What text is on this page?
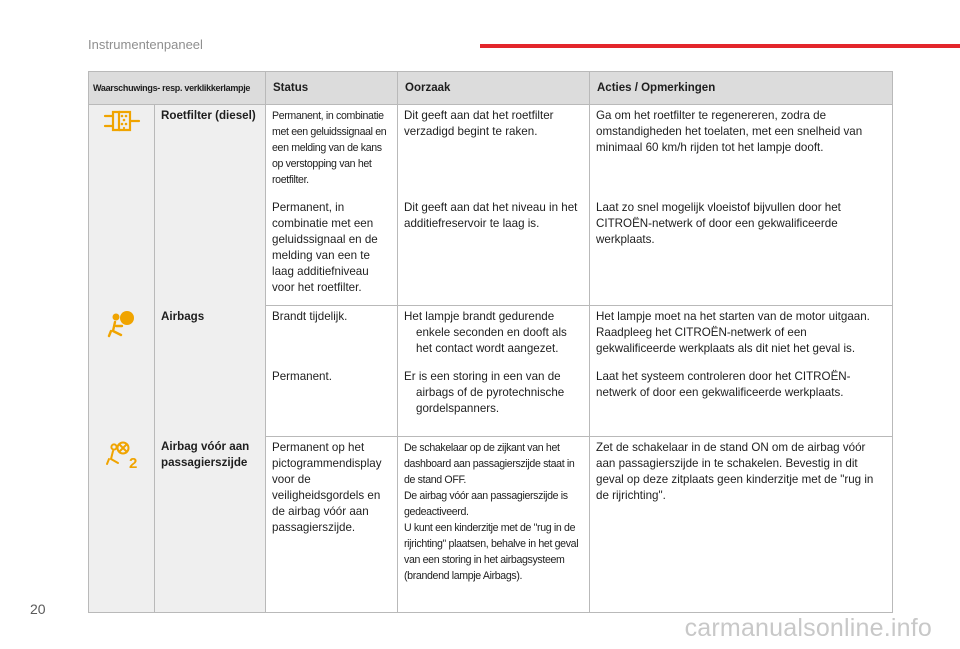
Instrumentenpaneel
Waarschuwings- resp. verklikkerlampje		Status	Oorzaak	Acties / Opmerkingen

	Roetfilter (diesel)	Permanent, in combinatie met een geluidssignaal en een melding van de kans op verstopping van het roetfilter.	Dit geeft aan dat het roetfilter verzadigd begint te raken.	Ga om het roetfilter te regenereren, zodra de omstandigheden het toelaten, met een snelheid van minimaal 60 km/h rijden tot het lampje dooft.
		Permanent, in combinatie met een geluidssignaal en de melding van een te laag additiefniveau voor het roetfilter.	Dit geeft aan dat het niveau in het additiefreservoir te laag is.	Laat zo snel mogelijk vloeistof bijvullen door het CITROËN-netwerk of door een gekwalificeerde werkplaats.

	Airbags	Brandt tijdelijk.	Het lampje brandt gedurende enkele seconden en dooft als het contact wordt aangezet.	Het lampje moet na het starten van de motor uitgaan. Raadpleeg het CITROËN-netwerk of een gekwalificeerde werkplaats als dit niet het geval is.
		Permanent.	Er is een storing in een van de airbags of de pyrotechnische gordelspanners.	Laat het systeem controleren door het CITROËN-netwerk of door een gekwalificeerde werkplaats.

2	Airbag vóór aan passagierszijde	Permanent op het pictogrammendisplay voor de veiligheidsgordels en de airbag vóór aan passagierszijde.	De schakelaar op de zijkant van het dashboard aan passagierszijde staat in de stand OFF.
De airbag vóór aan passagierszijde is gedeactiveerd.
U kunt een kinderzitje met de "rug in de rijrichting" plaatsen, behalve in het geval van een storing in het airbagsysteem (brandend lampje Airbags).	Zet de schakelaar in de stand ON om de airbag vóór aan passagierszijde in te schakelen. Bevestig in dit geval op deze zitplaats geen kinderzitje met de "rug in de rijrichting".
20
carmanualsonline.info
